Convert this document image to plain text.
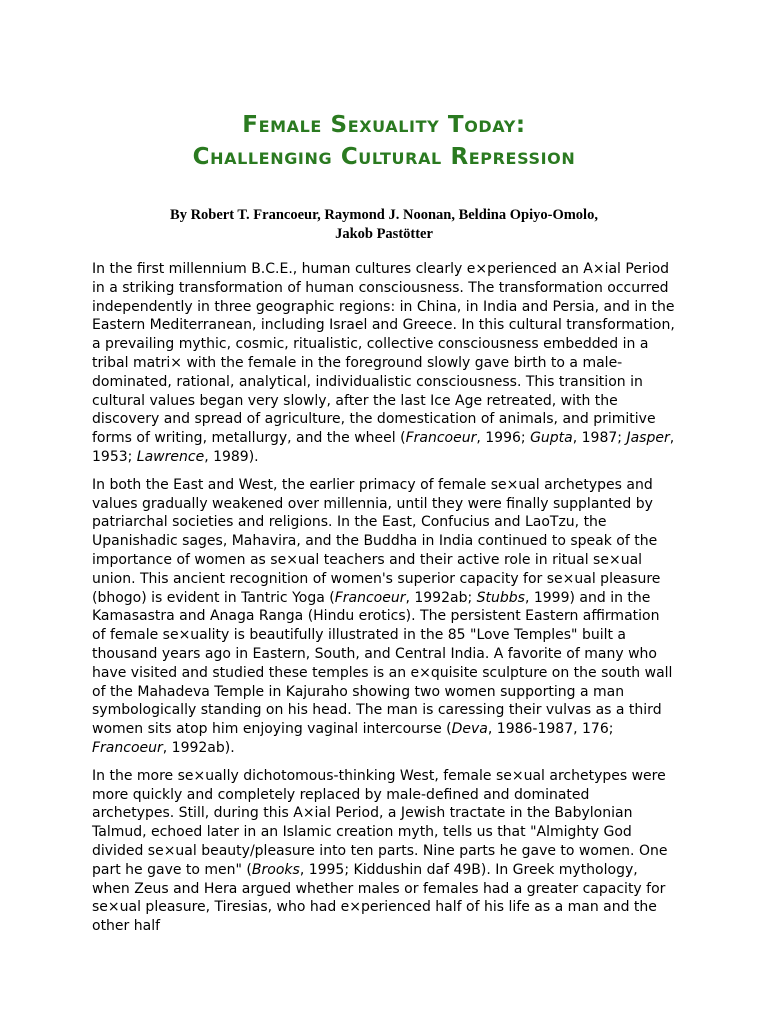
Female Sexuality Today:
Challenging Cultural Repression

By Robert T. Francoeur, Raymond J. Noonan, Beldina Opiyo-Omolo,
Jakob Pastötter

In the first millennium B.C.E., human cultures clearly e×perienced an A×ial Period in a striking transformation of human consciousness. The transformation occurred independently in three geographic regions: in China, in India and Persia, and in the Eastern Mediterranean, including Israel and Greece. In this cultural transformation, a prevailing mythic, cosmic, ritualistic, collective consciousness embedded in a tribal matri× with the female in the foreground slowly gave birth to a male-dominated, rational, analytical, individualistic consciousness. This transition in cultural values began very slowly, after the last Ice Age retreated, with the discovery and spread of agriculture, the domestication of animals, and primitive forms of writing, metallurgy, and the wheel (Francoeur, 1996; Gupta, 1987; Jasper, 1953; Lawrence, 1989).

In both the East and West, the earlier primacy of female se×ual archetypes and values gradually weakened over millennia, until they were finally supplanted by patriarchal societies and religions. In the East, Confucius and LaoTzu, the Upanishadic sages, Mahavira, and the Buddha in India continued to speak of the importance of women as se×ual teachers and their active role in ritual se×ual union. This ancient recognition of women's superior capacity for se×ual pleasure (bhogo) is evident in Tantric Yoga (Francoeur, 1992ab; Stubbs, 1999) and in the Kamasastra and Anaga Ranga (Hindu erotics). The persistent Eastern affirmation of female se×uality is beautifully illustrated in the 85 "Love Temples" built a thousand years ago in Eastern, South, and Central India. A favorite of many who have visited and studied these temples is an e×quisite sculpture on the south wall of the Mahadeva Temple in Kajuraho showing two women supporting a man symbologically standing on his head. The man is caressing their vulvas as a third women sits atop him enjoying vaginal intercourse (Deva, 1986-1987, 176; Francoeur, 1992ab).

In the more se×ually dichotomous-thinking West, female se×ual archetypes were more quickly and completely replaced by male-defined and dominated archetypes. Still, during this A×ial Period, a Jewish tractate in the Babylonian Talmud, echoed later in an Islamic creation myth, tells us that "Almighty God divided se×ual beauty/pleasure into ten parts. Nine parts he gave to women. One part he gave to men" (Brooks, 1995; Kiddushin daf 49B). In Greek mythology, when Zeus and Hera argued whether males or females had a greater capacity for se×ual pleasure, Tiresias, who had e×perienced half of his life as a man and the other half
